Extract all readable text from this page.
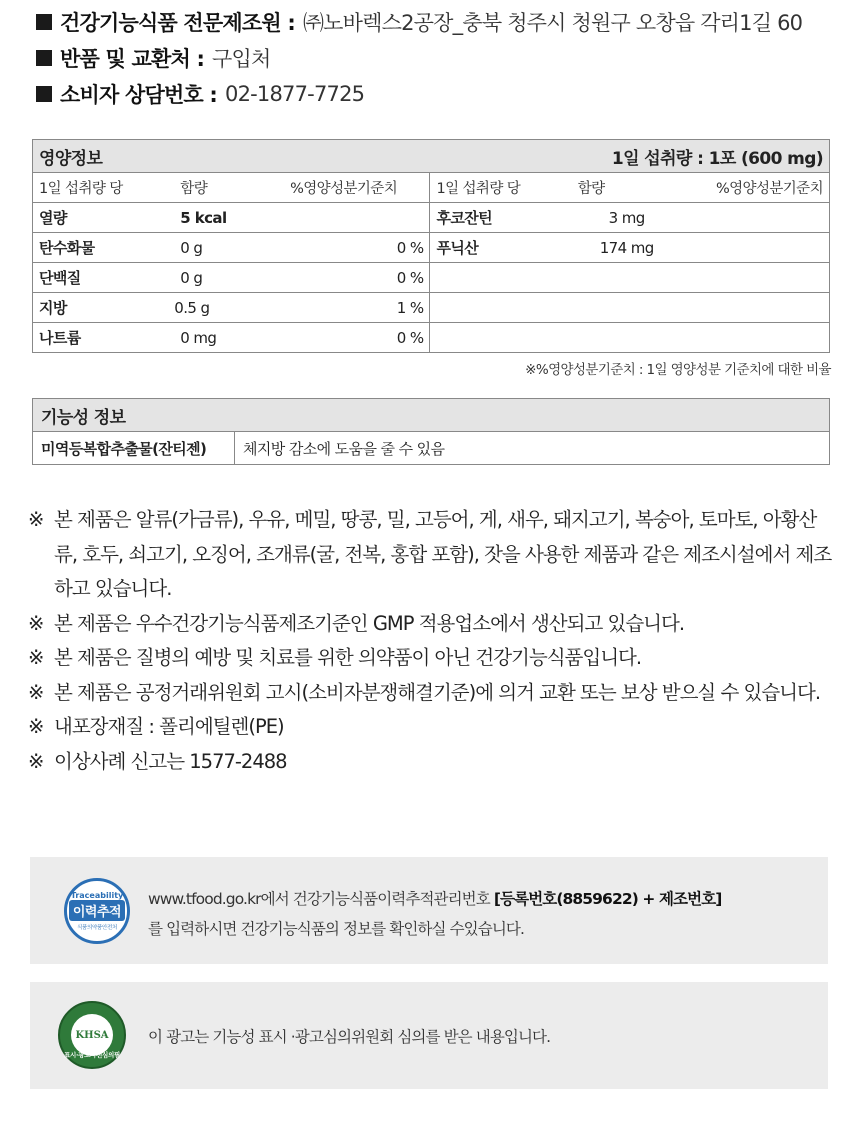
건강기능식품 전문제조원 : ㈜노바렉스2공장_충북 청주시 청원구 오창읍 각리1길 60
반품 및 교환처 : 구입처
소비자 상담번호 : 02-1877-7725
영양정보			1일 섭취량 : 1포 (600 mg)		
1일 섭취량 당	함량	%영양성분기준치	1일 섭취량 당	함량	%영양성분기준치
열량	5 kcal		후코잔틴	3 mg	
탄수화물	0 g	0 %	푸닉산	174 mg	
단백질	0 g	0 %			
지방	0.5 g	1 %			
나트륨	0 mg	0 %			
※%영양성분기준치 : 1일 영양성분 기준치에 대한 비율
기능성 정보
미역등복합추출물(잔티젠)	체지방 감소에 도움을 줄 수 있음
※ 본 제품은 알류(가금류), 우유, 메밀, 땅콩, 밀, 고등어, 게, 새우, 돼지고기, 복숭아, 토마토, 아황산류, 호두, 쇠고기, 오징어, 조개류(굴, 전복, 홍합 포함), 잣을 사용한 제품과 같은 제조시설에서 제조하고 있습니다.
※ 본 제품은 우수건강기능식품제조기준인 GMP 적용업소에서 생산되고 있습니다.
※ 본 제품은 질병의 예방 및 치료를 위한 의약품이 아닌 건강기능식품입니다.
※ 본 제품은 공정거래위원회 고시(소비자분쟁해결기준)에 의거 교환 또는 보상 받으실 수 있습니다.
※ 내포장재질 : 폴리에틸렌(PE)
※ 이상사례 신고는 1577-2488
Traceability
이력추적
식품의약품안전처
www.tfood.go.kr에서 건강기능식품이력추적관리번호 [등록번호(8859622) + 제조번호]
를 입력하시면 건강기능식품의 정보를 확인하실 수있습니다.
KHSA
표시·광고사전심의필
이 광고는 기능성 표시 ·광고심의위원회 심의를 받은 내용입니다.
